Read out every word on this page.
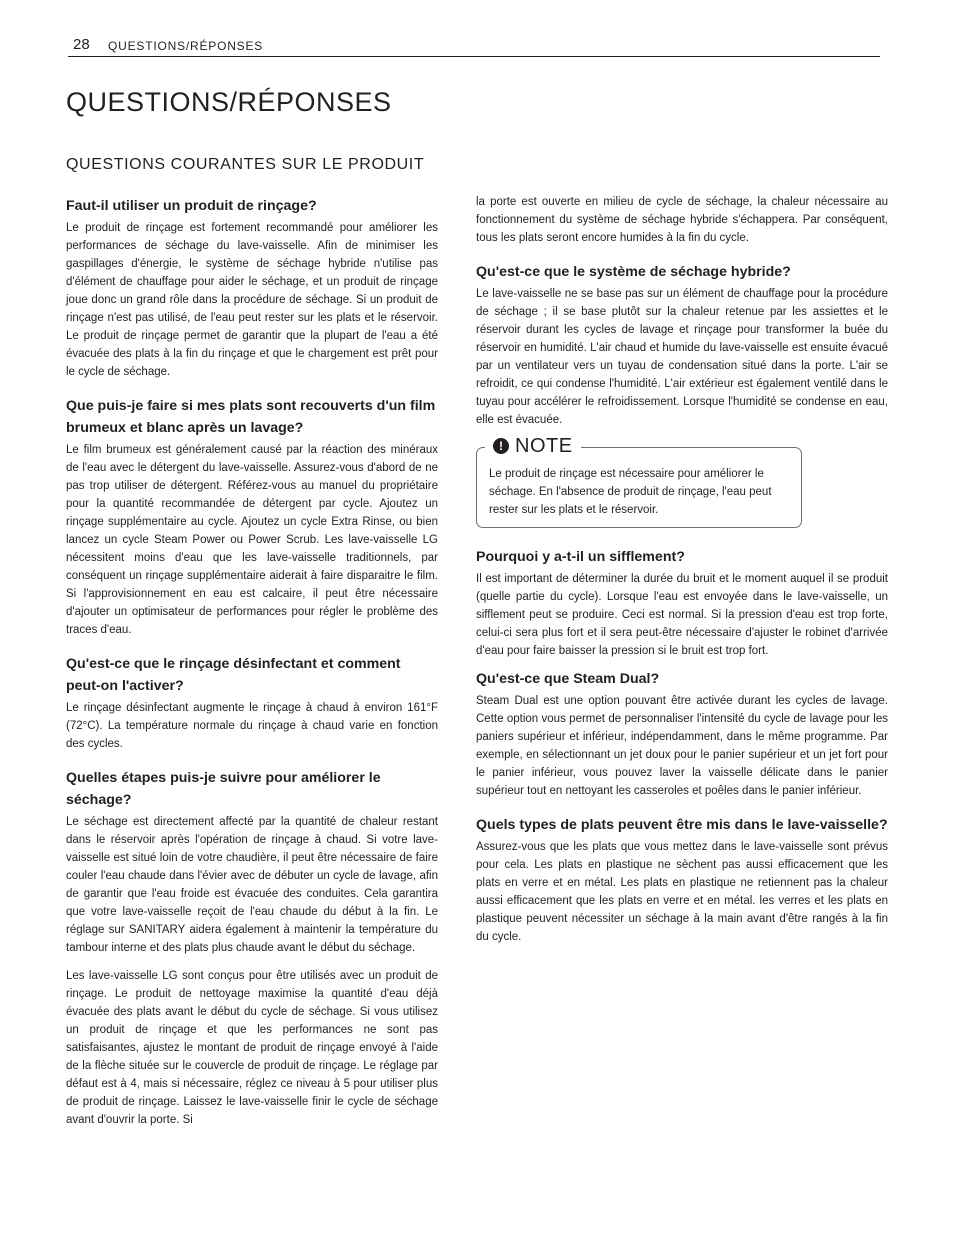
28 QUESTIONS/RÉPONSES
QUESTIONS/RÉPONSES
QUESTIONS COURANTES SUR LE PRODUIT
Faut-il utiliser un produit de rinçage?

Le produit de rinçage est fortement recommandé pour améliorer les performances de séchage du lave-vaisselle. Afin de minimiser les gaspillages d'énergie, le système de séchage hybride n'utilise pas d'élément de chauffage pour aider le séchage, et un produit de rinçage joue donc un grand rôle dans la procédure de séchage. Si un produit de rinçage n'est pas utilisé, de l'eau peut rester sur les plats et le réservoir. Le produit de rinçage permet de garantir que la plupart de l'eau a été évacuée des plats à la fin du rinçage et que le chargement est prêt pour le cycle de séchage.

Que puis-je faire si mes plats sont recouverts d'un film brumeux et blanc après un lavage?

Le film brumeux est généralement causé par la réaction des minéraux de l'eau avec le détergent du lave-vaisselle. Assurez-vous d'abord de ne pas trop utiliser de détergent. Référez-vous au manuel du propriétaire pour la quantité recommandée de détergent par cycle. Ajoutez un rinçage supplémentaire au cycle. Ajoutez un cycle Extra Rinse, ou bien lancez un cycle Steam Power ou Power Scrub. Les lave-vaisselle LG nécessitent moins d'eau que les lave-vaisselle traditionnels, par conséquent un rinçage supplémentaire aiderait à faire disparaitre le film. Si l'approvisionnement en eau est calcaire, il peut être nécessaire d'ajouter un optimisateur de performances pour régler le problème des traces d'eau.

Qu'est-ce que le rinçage désinfectant et comment peut-on l'activer?

Le rinçage désinfectant augmente le rinçage à chaud à environ 161°F (72°C). La température normale du rinçage à chaud varie en fonction des cycles.

Quelles étapes puis-je suivre pour améliorer le séchage?

Le séchage est directement affecté par la quantité de chaleur restant dans le réservoir après l'opération de rinçage à chaud. Si votre lave-vaisselle est situé loin de votre chaudière, il peut être nécessaire de faire couler l'eau chaude dans l'évier avec de débuter un cycle de lavage, afin de garantir que l'eau froide est évacuée des conduites. Cela garantira que votre lave-vaisselle reçoit de l'eau chaude du début à la fin. Le réglage sur SANITARY aidera également à maintenir la température du tambour interne et des plats plus chaude avant le début du séchage.

Les lave-vaisselle LG sont conçus pour être utilisés avec un produit de rinçage. Le produit de nettoyage maximise la quantité d'eau déjà évacuée des plats avant le début du cycle de séchage. Si vous utilisez un produit de rinçage et que les performances ne sont pas satisfaisantes, ajustez le montant de produit de rinçage envoyé à l'aide de la flèche située sur le couvercle de produit de rinçage. Le réglage par défaut est à 4, mais si nécessaire, réglez ce niveau à 5 pour utiliser plus de produit de rinçage. Laissez le lave-vaisselle finir le cycle de séchage avant d'ouvrir la porte. Si

la porte est ouverte en milieu de cycle de séchage, la chaleur nécessaire au fonctionnement du système de séchage hybride s'échappera. Par conséquent, tous les plats seront encore humides à la fin du cycle.

Qu'est-ce que le système de séchage hybride?

Le lave-vaisselle ne se base pas sur un élément de chauffage pour la procédure de séchage ; il se base plutôt sur la chaleur retenue par les assiettes et le réservoir durant les cycles de lavage et rinçage pour transformer la buée du réservoir en humidité. L'air chaud et humide du lave-vaisselle est ensuite évacué par un ventilateur vers un tuyau de condensation situé dans la porte. L'air se refroidit, ce qui condense l'humidité. L'air extérieur est également ventilé dans le tuyau pour accélérer le refroidissement. Lorsque l'humidité se condense en eau, elle est évacuée.

! NOTE

Le produit de rinçage est nécessaire pour améliorer le séchage. En l'absence de produit de rinçage, l'eau peut rester sur les plats et le réservoir.

Pourquoi y a-t-il un sifflement?

Il est important de déterminer la durée du bruit et le moment auquel il se produit (quelle partie du cycle). Lorsque l'eau est envoyée dans le lave-vaisselle, un sifflement peut se produire. Ceci est normal. Si la pression d'eau est trop forte, celui-ci sera plus fort et il sera peut-être nécessaire d'ajuster le robinet d'arrivée d'eau pour faire baisser la pression si le bruit est trop fort.

Qu'est-ce que Steam Dual?

Steam Dual est une option pouvant être activée durant les cycles de lavage. Cette option vous permet de personnaliser l'intensité du cycle de lavage pour les paniers supérieur et inférieur, indépendamment, dans le même programme. Par exemple, en sélectionnant un jet doux pour le panier supérieur et un jet fort pour le panier inférieur, vous pouvez laver la vaisselle délicate dans le panier supérieur tout en nettoyant les casseroles et poêles dans le panier inférieur.

Quels types de plats peuvent être mis dans le lave-vaisselle?

Assurez-vous que les plats que vous mettez dans le lave-vaisselle sont prévus pour cela. Les plats en plastique ne sèchent pas aussi efficacement que les plats en verre et en métal. Les plats en plastique ne retiennent pas la chaleur aussi efficacement que les plats en verre et en métal. les verres et les plats en plastique peuvent nécessiter un séchage à la main avant d'être rangés à la fin du cycle.
